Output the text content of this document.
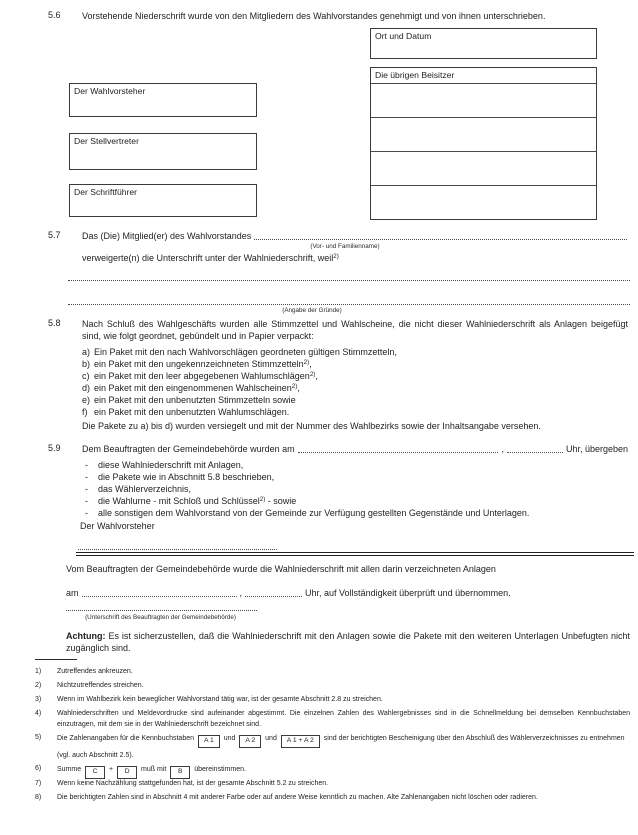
5.6 Vorstehende Niederschrift wurde von den Mitgliedern des Wahlvorstandes genehmigt und von ihnen unterschrieben.
Ort und Datum
Die übrigen Beisitzer
Der Wahlvorsteher
Der Stellvertreter
Der Schriftführer
5.7 Das (Die) Mitglied(er) des Wahlvorstandes
(Vor- und Familienname)
verweigerte(n) die Unterschrift unter der Wahlniederschrift, weil$^{2)}$
(Angabe der Gründe)
5.8 Nach Schluß des Wahlgeschäfts wurden alle Stimmzettel und Wahlscheine, die nicht dieser Wahlniederschrift als Anlagen beigefügt sind, wie folgt geordnet, gebündelt und in Papier verpackt:
a) Ein Paket mit den nach Wahlvorschlägen geordneten gültigen Stimmzetteln,
b) ein Paket mit den ungekennzeichneten Stimmzetteln$^{2)}$,
c) ein Paket mit den leer abgegebenen Wahlumschlägen$^{2)}$,
d) ein Paket mit den eingenommenen Wahlscheinen$^{2)}$,
e) ein Paket mit den unbenutzten Stimmzetteln sowie
f) ein Paket mit den unbenutzten Wahlumschlägen.
Die Pakete zu a) bis d) wurden versiegelt und mit der Nummer des Wahlbezirks sowie der Inhaltsangabe versehen.
5.9 Dem Beauftragten der Gemeindebehörde wurden am	,	Uhr, übergeben
- diese Wahlniederschrift mit Anlagen,
- die Pakete wie in Abschnitt 5.8 beschrieben,
- das Wählerverzeichnis,
- die Wahlurne - mit Schloß und Schlüssel$^{2)}$ - sowie
- alle sonstigen dem Wahlvorstand von der Gemeinde zur Verfügung gestellten Gegenstände und Unterlagen.
Der Wahlvorsteher
Vom Beauftragten der Gemeindebehörde wurde die Wahlniederschrift mit allen darin verzeichneten Anlagen
am	,	Uhr, auf Vollständigkeit überprüft und übernommen.
(Unterschrift des Beauftragten der Gemeindebehörde)
Achtung: Es ist sicherzustellen, daß die Wahlniederschrift mit den Anlagen sowie die Pakete mit den weiteren Unterlagen Unbefugten nicht zugänglich sind.
1) Zutreffendes ankreuzen.
2) Nichtzutreffendes streichen.
3) Wenn im Wahlbezirk kein beweglicher Wahlvorstand tätig war, ist der gesamte Abschnitt 2.8 zu streichen.
4) Wahlniederschriften und Meldevordrucke sind aufeinander abgestimmt. Die einzelnen Zahlen des Wahlergebnisses sind in die Schnellmeldung bei demselben Kennbuchstaben einzutragen, mit dem sie in der Wahlniederschrift bezeichnet sind.
5) Die Zahlenangaben für die Kennbuchstaben A 1 und A 2 und A 1 + A 2 sind der berichtigten Bescheinigung über den Abschluß des Wählerverzeichnisses zu entnehmen (vgl. auch Abschnitt 2.5).
6) Summe C + D muß mit B übereinstimmen.
7) Wenn keine Nachzählung stattgefunden hat, ist der gesamte Abschnitt 5.2 zu streichen.
8) Die berichtigten Zahlen sind in Abschnitt 4 mit anderer Farbe oder auf andere Weise kenntlich zu machen. Alte Zahlenangaben nicht löschen oder radieren.
